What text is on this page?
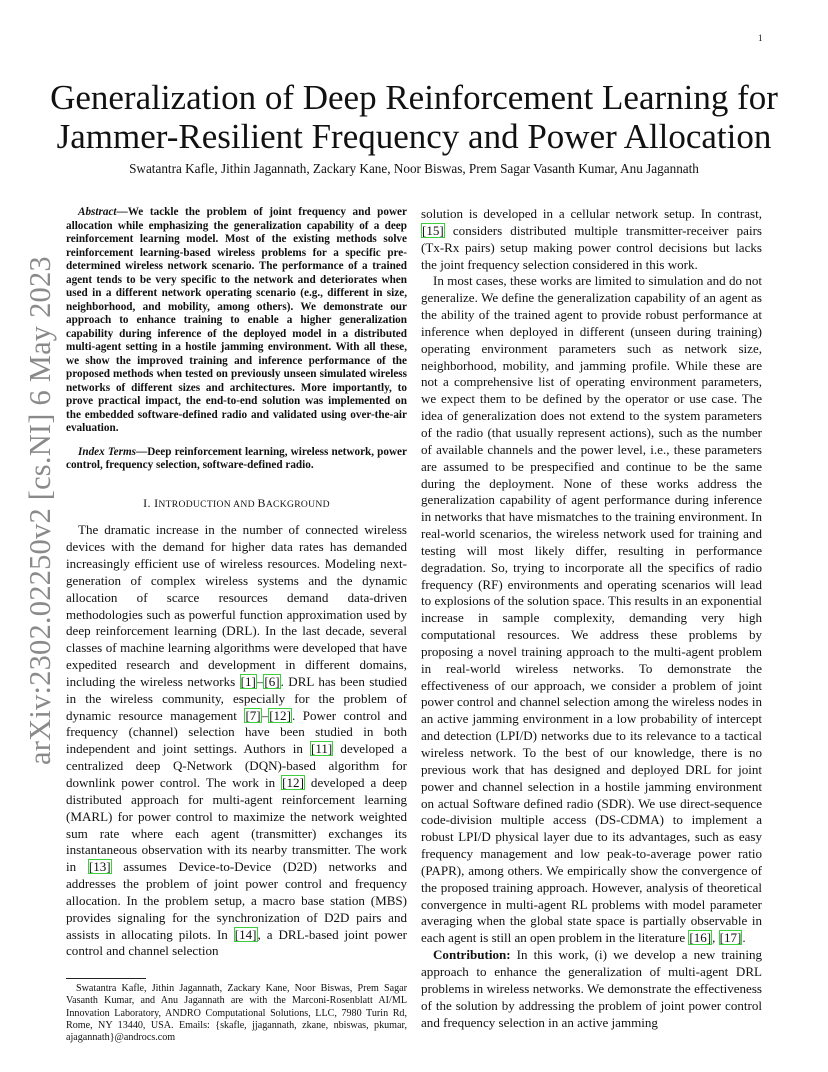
1
arXiv:2302.02250v2 [cs.NI] 6 May 2023
Generalization of Deep Reinforcement Learning for Jammer-Resilient Frequency and Power Allocation
Swatantra Kafle, Jithin Jagannath, Zackary Kane, Noor Biswas, Prem Sagar Vasanth Kumar, Anu Jagannath

Abstract—We tackle the problem of joint frequency and power allocation while emphasizing the generalization capability of a deep reinforcement learning model. Most of the existing methods solve reinforcement learning-based wireless problems for a specific pre-determined wireless network scenario. The performance of a trained agent tends to be very specific to the network and deteriorates when used in a different network operating scenario (e.g., different in size, neighborhood, and mobility, among others). We demonstrate our approach to enhance training to enable a higher generalization capability during inference of the deployed model in a distributed multi-agent setting in a hostile jamming environment. With all these, we show the improved training and inference performance of the proposed methods when tested on previously unseen simulated wireless networks of different sizes and architectures. More importantly, to prove practical impact, the end-to-end solution was implemented on the embedded software-defined radio and validated using over-the-air evaluation.

Index Terms—Deep reinforcement learning, wireless network, power control, frequency selection, software-defined radio.

I. INTRODUCTION AND BACKGROUND

The dramatic increase in the number of connected wireless devices with the demand for higher data rates has demanded increasingly efficient use of wireless resources. Modeling next-generation of complex wireless systems and the dynamic allocation of scarce resources demand data-driven methodologies such as powerful function approximation used by deep reinforcement learning (DRL). In the last decade, several classes of machine learning algorithms were developed that have expedited research and development in different domains, including the wireless networks [1]–[6]. DRL has been studied in the wireless community, especially for the problem of dynamic resource management [7]–[12]. Power control and frequency (channel) selection have been studied in both independent and joint settings. Authors in [11] developed a centralized deep Q-Network (DQN)-based algorithm for downlink power control. The work in [12] developed a deep distributed approach for multi-agent reinforcement learning (MARL) for power control to maximize the network weighted sum rate where each agent (transmitter) exchanges its instantaneous observation with its nearby transmitter. The work in [13] assumes Device-to-Device (D2D) networks and addresses the problem of joint power control and frequency allocation. In the problem setup, a macro base station (MBS) provides signaling for the synchronization of D2D pairs and assists in allocating pilots. In [14], a DRL-based joint power control and channel selection

Swatantra Kafle, Jithin Jagannath, Zackary Kane, Noor Biswas, Prem Sagar Vasanth Kumar, and Anu Jagannath are with the Marconi-Rosenblatt AI/ML Innovation Laboratory, ANDRO Computational Solutions, LLC, 7980 Turin Rd, Rome, NY 13440, USA. Emails: {skafle, jjagannath, zkane, nbiswas, pkumar, ajagannath}@androcs.com

solution is developed in a cellular network setup. In contrast, [15] considers distributed multiple transmitter-receiver pairs (Tx-Rx pairs) setup making power control decisions but lacks the joint frequency selection considered in this work.

In most cases, these works are limited to simulation and do not generalize. We define the generalization capability of an agent as the ability of the trained agent to provide robust performance at inference when deployed in different (unseen during training) operating environment parameters such as network size, neighborhood, mobility, and jamming profile. While these are not a comprehensive list of operating environment parameters, we expect them to be defined by the operator or use case. The idea of generalization does not extend to the system parameters of the radio (that usually represent actions), such as the number of available channels and the power level, i.e., these parameters are assumed to be prespecified and continue to be the same during the deployment. None of these works address the generalization capability of agent performance during inference in networks that have mismatches to the training environment. In real-world scenarios, the wireless network used for training and testing will most likely differ, resulting in performance degradation. So, trying to incorporate all the specifics of radio frequency (RF) environments and operating scenarios will lead to explosions of the solution space. This results in an exponential increase in sample complexity, demanding very high computational resources. We address these problems by proposing a novel training approach to the multi-agent problem in real-world wireless networks. To demonstrate the effectiveness of our approach, we consider a problem of joint power control and channel selection among the wireless nodes in an active jamming environment in a low probability of intercept and detection (LPI/D) networks due to its relevance to a tactical wireless network. To the best of our knowledge, there is no previous work that has designed and deployed DRL for joint power and channel selection in a hostile jamming environment on actual Software defined radio (SDR). We use direct-sequence code-division multiple access (DS-CDMA) to implement a robust LPI/D physical layer due to its advantages, such as easy frequency management and low peak-to-average power ratio (PAPR), among others. We empirically show the convergence of the proposed training approach. However, analysis of theoretical convergence in multi-agent RL problems with model parameter averaging when the global state space is partially observable in each agent is still an open problem in the literature [16], [17].

Contribution: In this work, (i) we develop a new training approach to enhance the generalization of multi-agent DRL problems in wireless networks. We demonstrate the effectiveness of the solution by addressing the problem of joint power control and frequency selection in an active jamming
